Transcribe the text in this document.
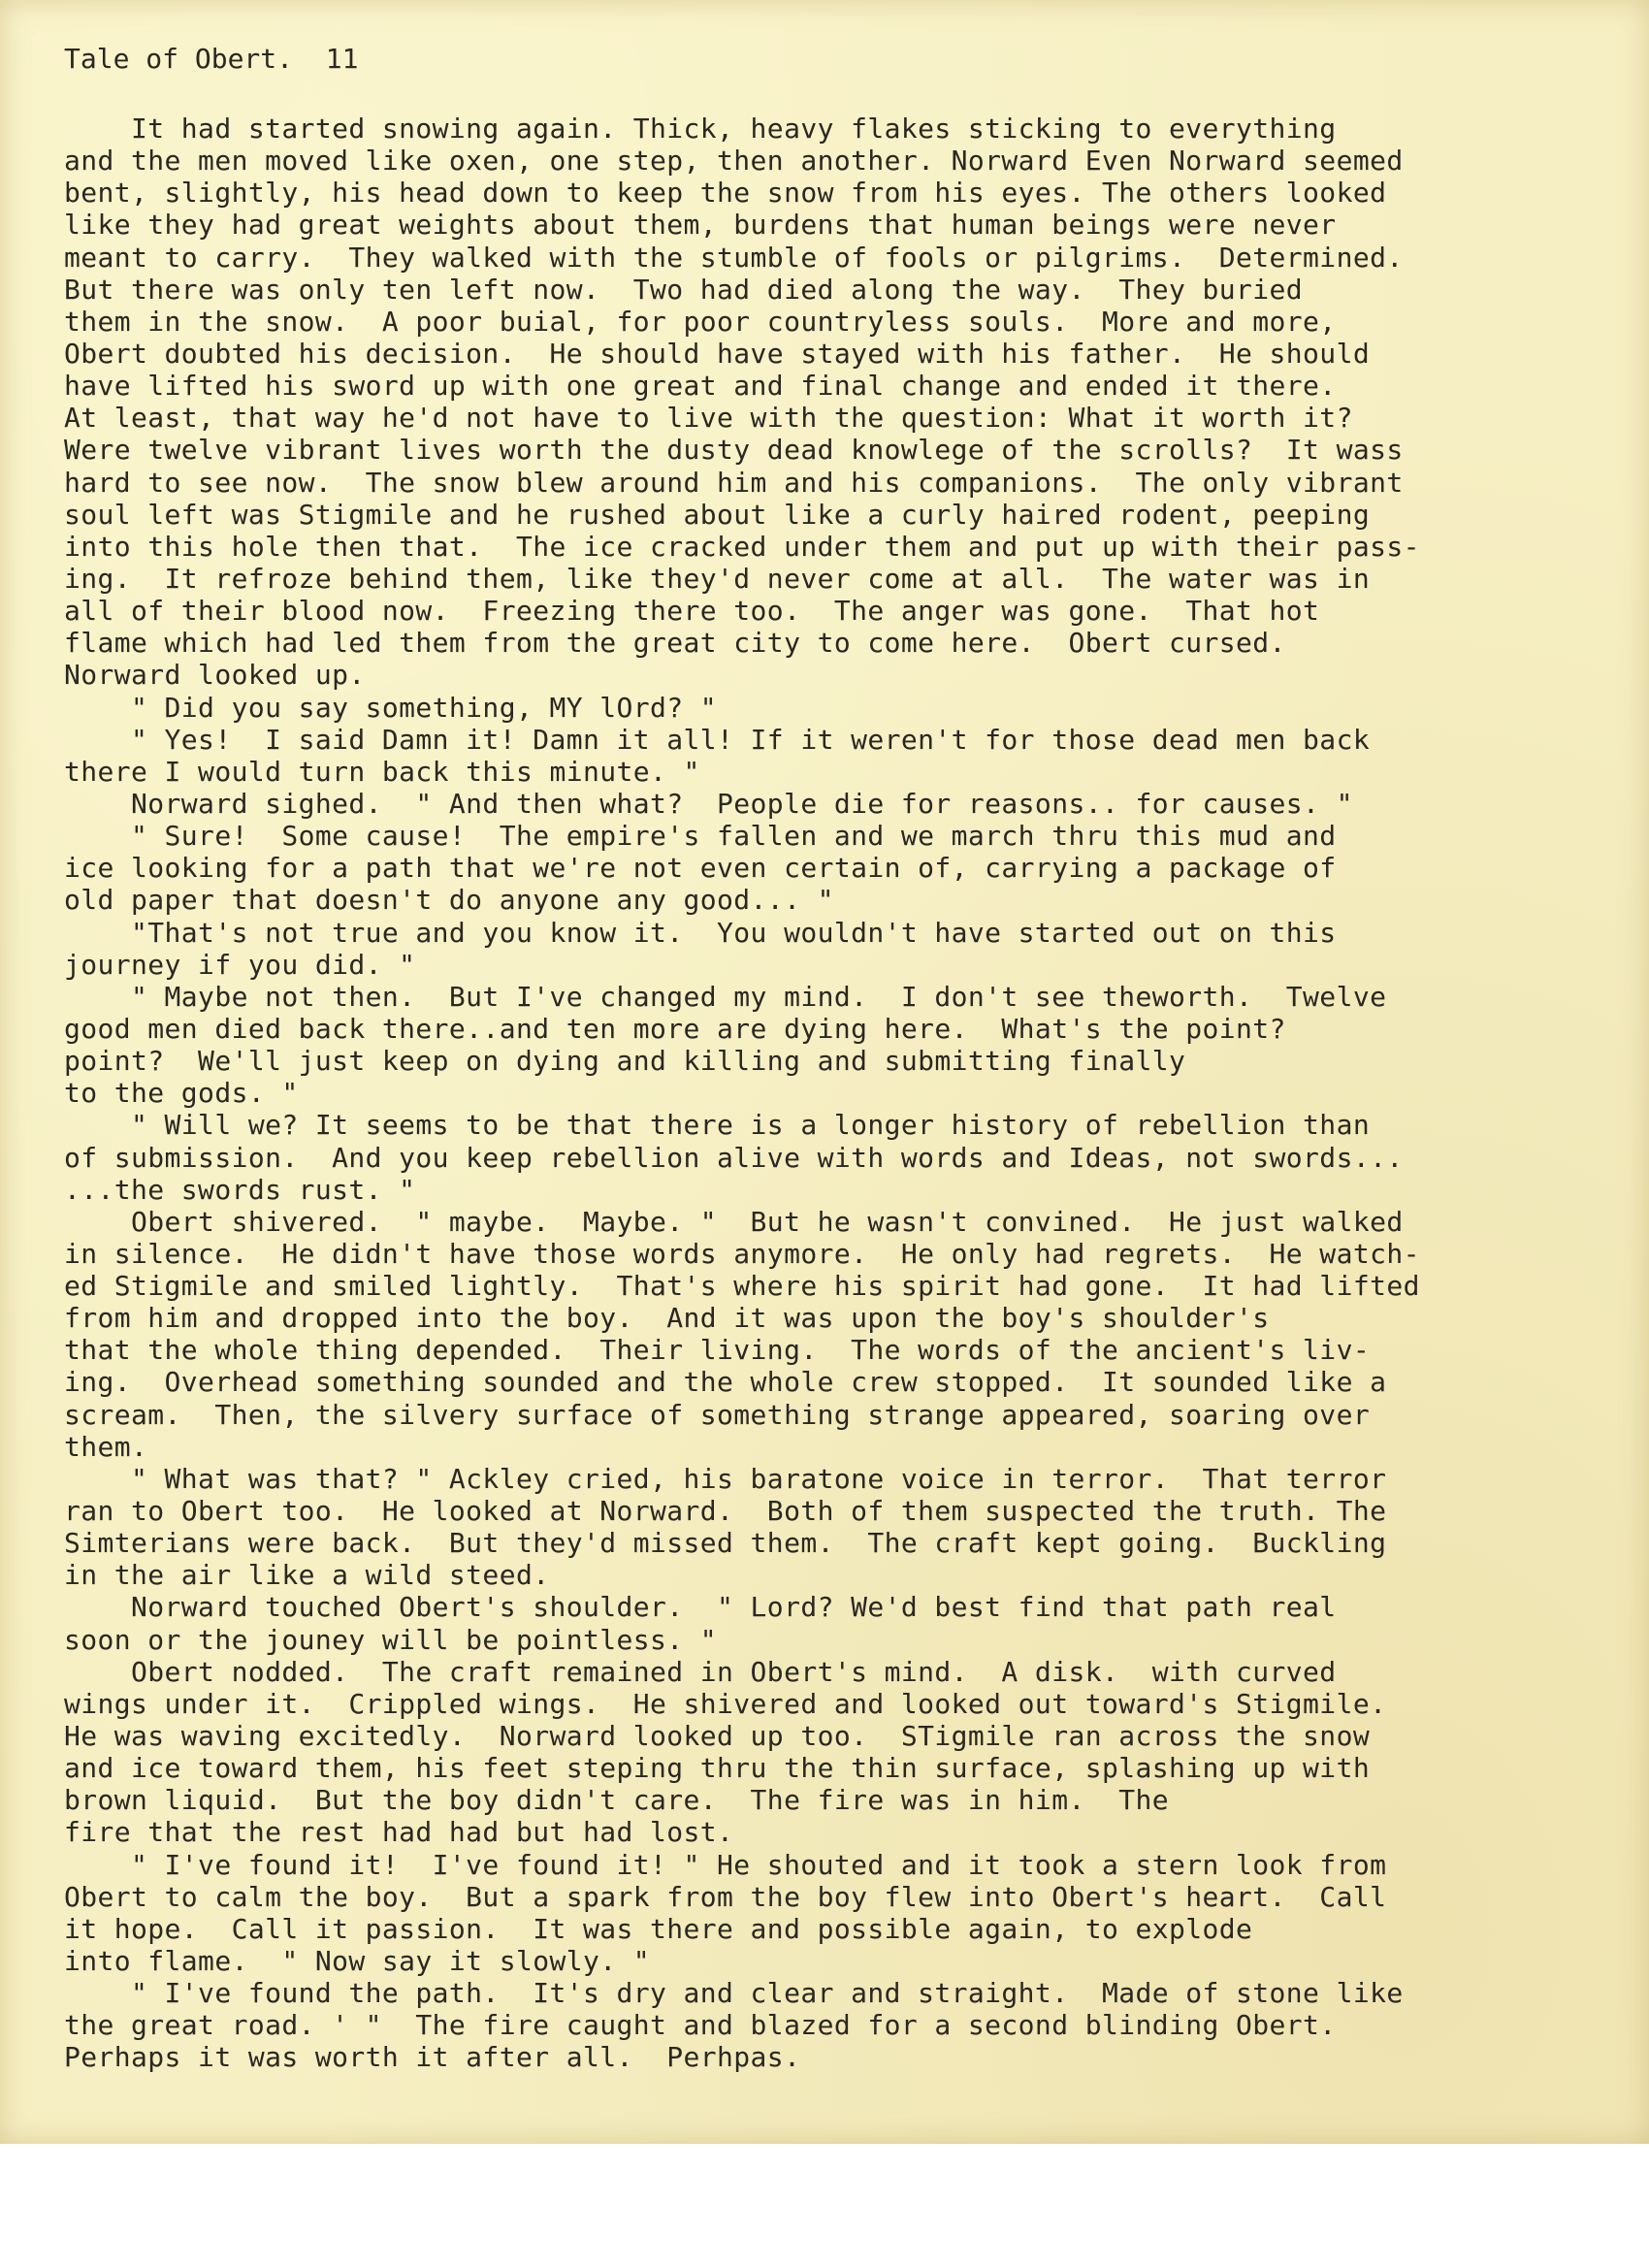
Tale of Obert.  11
It had started snowing again. Thick, heavy flakes sticking to everything
and the men moved like oxen, one step, then another. Norward Even Norward seemed
bent, slightly, his head down to keep the snow from his eyes. The others looked
like they had great weights about them, burdens that human beings were never
meant to carry.  They walked with the stumble of fools or pilgrims.  Determined.
But there was only ten left now.  Two had died along the way.  They buried
them in the snow.  A poor buial, for poor countryless souls.  More and more,
Obert doubted his decision.  He should have stayed with his father.  He should
have lifted his sword up with one great and final change and ended it there.
At least, that way he'd not have to live with the question: What it worth it?
Were twelve vibrant lives worth the dusty dead knowlege of the scrolls?  It wass
hard to see now.  The snow blew around him and his companions.  The only vibrant
soul left was Stigmile and he rushed about like a curly haired rodent, peeping
into this hole then that.  The ice cracked under them and put up with their pass-
ing.  It refroze behind them, like they'd never come at all.  The water was in
all of their blood now.  Freezing there too.  The anger was gone.  That hot
flame which had led them from the great city to come here.  Obert cursed.
Norward looked up.
" Did you say something, MY lOrd? "
" Yes!  I said Damn it! Damn it all! If it weren't for those dead men back
there I would turn back this minute. "
Norward sighed.  " And then what?  People die for reasons.. for causes. "
" Sure!  Some cause!  The empire's fallen and we march thru this mud and
ice looking for a path that we're not even certain of, carrying a package of
old paper that doesn't do anyone any good... "
"That's not true and you know it.  You wouldn't have started out on this
journey if you did. "
" Maybe not then.  But I've changed my mind.  I don't see theworth.  Twelve
good men died back there..and ten more are dying here.  What's the point?
point?  We'll just keep on dying and killing and submitting finally
to the gods. "
" Will we? It seems to be that there is a longer history of rebellion than
of submission.  And you keep rebellion alive with words and Ideas, not swords...
...the swords rust. "
Obert shivered.  " maybe.  Maybe. "  But he wasn't convined.  He just walked
in silence.  He didn't have those words anymore.  He only had regrets.  He watch-
ed Stigmile and smiled lightly.  That's where his spirit had gone.  It had lifted
from him and dropped into the boy.  And it was upon the boy's shoulder's
that the whole thing depended.  Their living.  The words of the ancient's liv-
ing.  Overhead something sounded and the whole crew stopped.  It sounded like a
scream.  Then, the silvery surface of something strange appeared, soaring over
them.
" What was that? " Ackley cried, his baratone voice in terror.  That terror
ran to Obert too.  He looked at Norward.  Both of them suspected the truth. The
Simterians were back.  But they'd missed them.  The craft kept going.  Buckling
in the air like a wild steed.
Norward touched Obert's shoulder.  " Lord? We'd best find that path real
soon or the jouney will be pointless. "
Obert nodded.  The craft remained in Obert's mind.  A disk.  with curved
wings under it.  Crippled wings.  He shivered and looked out toward's Stigmile.
He was waving excitedly.  Norward looked up too.  STigmile ran across the snow
and ice toward them, his feet steping thru the thin surface, splashing up with
brown liquid.  But the boy didn't care.  The fire was in him.  The
fire that the rest had had but had lost.
" I've found it!  I've found it! " He shouted and it took a stern look from
Obert to calm the boy.  But a spark from the boy flew into Obert's heart.  Call
it hope.  Call it passion.  It was there and possible again, to explode
into flame.  " Now say it slowly. "
" I've found the path.  It's dry and clear and straight.  Made of stone like
the great road. ' "  The fire caught and blazed for a second blinding Obert.
Perhaps it was worth it after all.  Perhpas.
